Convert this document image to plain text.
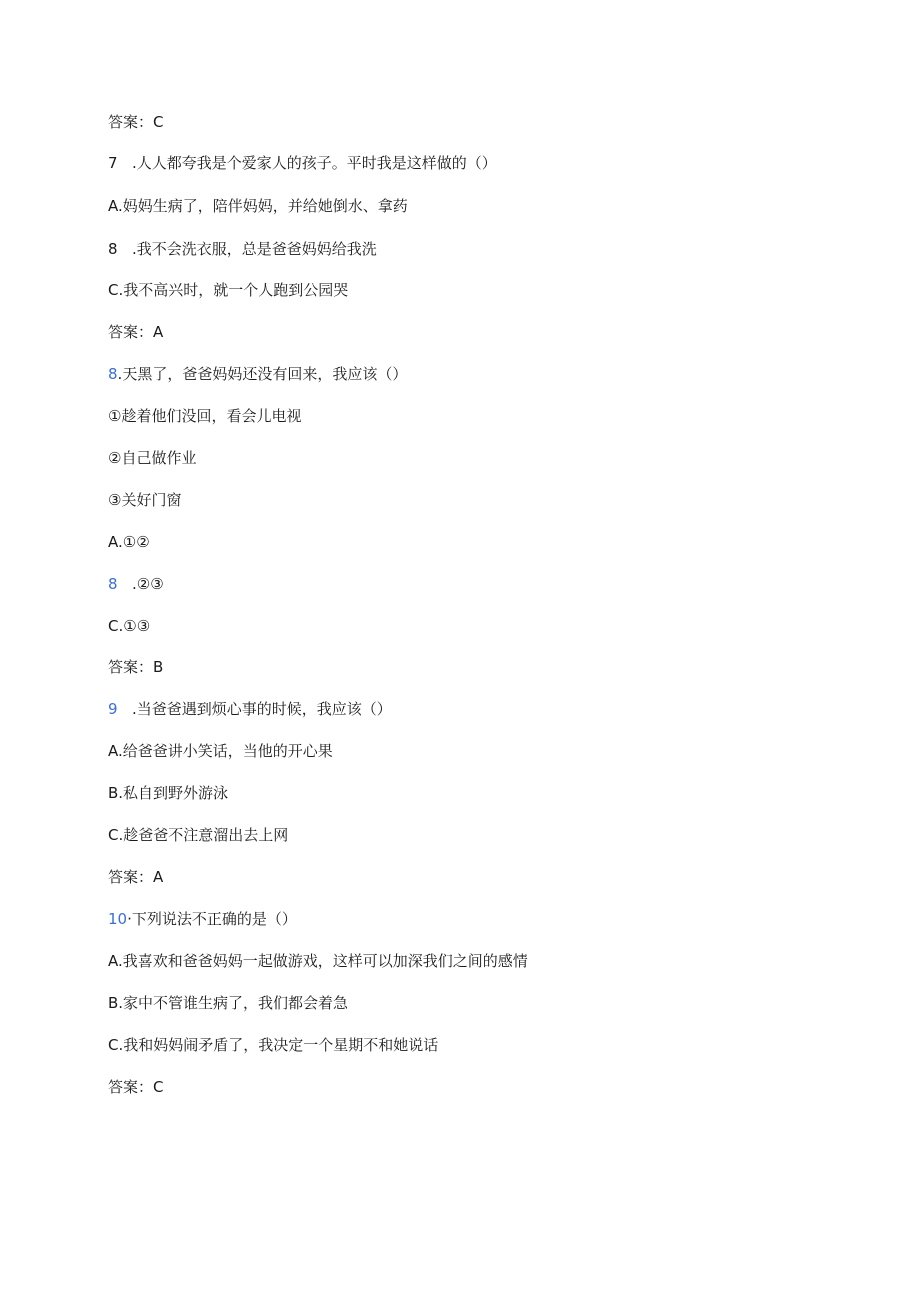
答案：C
7 .人人都夸我是个爱家人的孩子。平时我是这样做的（）
A.妈妈生病了，陪伴妈妈，并给她倒水、拿药
8 .我不会洗衣服，总是爸爸妈妈给我洗
C.我不高兴时，就一个人跑到公园哭
答案：A
8.天黑了，爸爸妈妈还没有回来，我应该（）
①趁着他们没回，看会儿电视
②自己做作业
③关好门窗
A.①②
8 .②③
C.①③
答案：B
9 .当爸爸遇到烦心事的时候，我应该（）
A.给爸爸讲小笑话，当他的开心果
B.私自到野外游泳
C.趁爸爸不注意溜出去上网
答案：A
10·下列说法不正确的是（）
A.我喜欢和爸爸妈妈一起做游戏，这样可以加深我们之间的感情
B.家中不管谁生病了，我们都会着急
C.我和妈妈闹矛盾了，我决定一个星期不和她说话
答案：C
